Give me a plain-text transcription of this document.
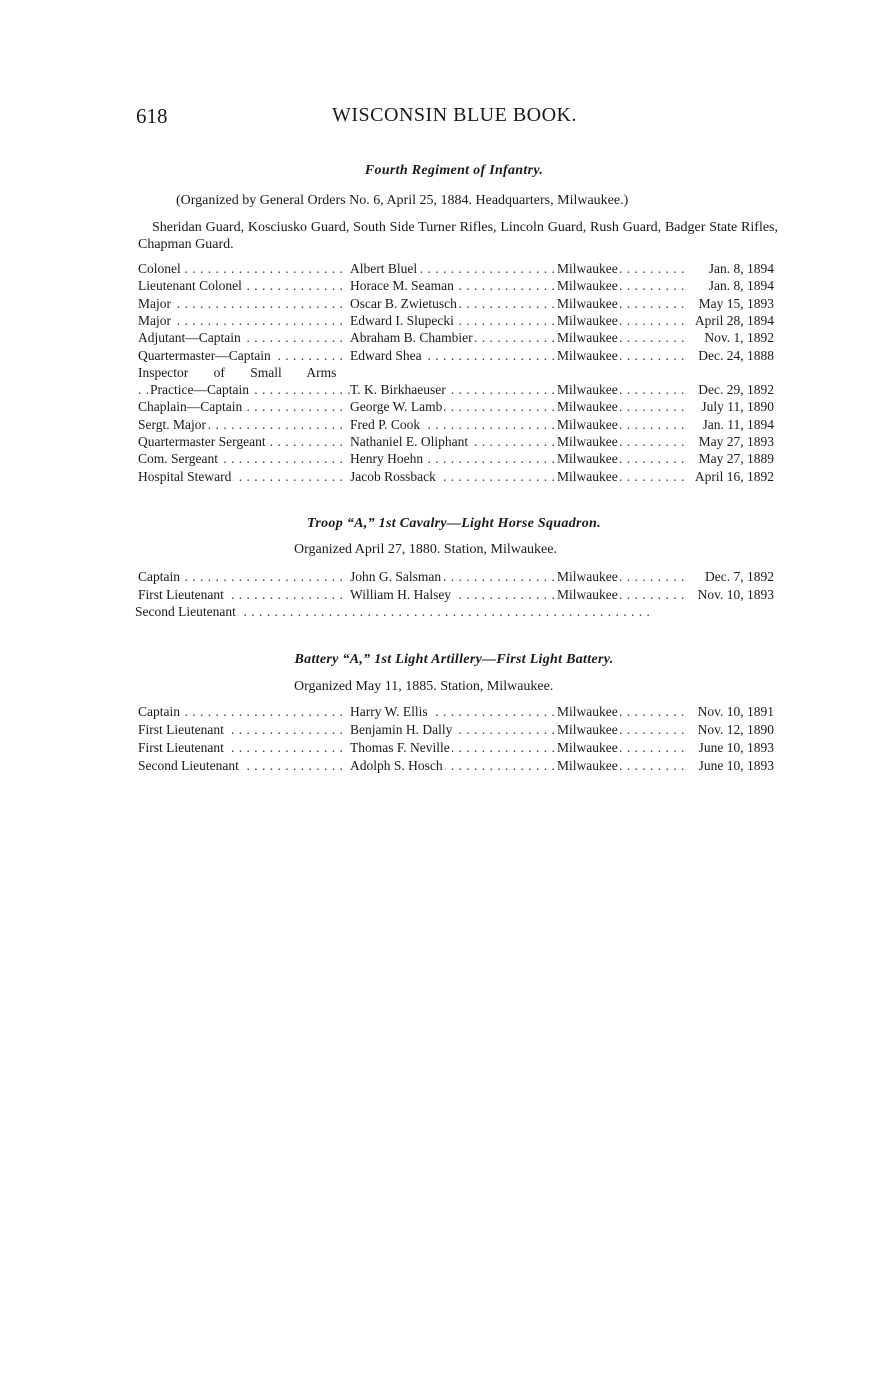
618	WISCONSIN BLUE BOOK.
Fourth Regiment of Infantry.
(Organized by General Orders No. 6, April 25, 1884. Headquarters, Milwaukee.)
Sheridan Guard, Kosciusko Guard, South Side Turner Rifles, Lincoln Guard, Rush Guard, Badger State Rifles, Chapman Guard.
Colonel . . .	Albert Bluel . . .	Milwaukee . . .	Jan. 8, 1894
Lieutenant Colonel . . .	Horace M. Seaman . . .	Milwaukee . . .	Jan. 8, 1894
Major . . .	Oscar B. Zwietusch . . .	Milwaukee . . .	May 15, 1893
Major . . .	Edward I. Slupecki . . .	Milwaukee . . .	April 28, 1894
Adjutant—Captain . . .	Abraham B. Chambier . . .	Milwaukee . . .	Nov. 1, 1892
Quartermaster—Captain . . .	Edward Shea . . .	Milwaukee . . .	Dec. 24, 1888
Inspector of Small Arms
Practice—Captain . . .	T. K. Birkhaeuser . . .	Milwaukee . . .	Dec. 29, 1892
Chaplain—Captain . . .	George W. Lamb . . .	Milwaukee . . .	July 11, 1890
Sergt. Major . . .	Fred P. Cook . . .	Milwaukee . . .	Jan. 11, 1894
Quartermaster Sergeant . . .	Nathaniel E. Oliphant . . .	Milwaukee . . .	May 27, 1893
Com. Sergeant . . .	Henry Hoehn . . .	Milwaukee . . .	May 27, 1889
Hospital Steward . . .	Jacob Rossback . . .	Milwaukee . . .	April 16, 1892
Troop “A,” 1st Cavalry—Light Horse Squadron.
Organized April 27, 1880. Station, Milwaukee.
Captain . . .	John G. Salsman . . .	Milwaukee . . .	Dec. 7, 1892
First Lieutenant . . .	William H. Halsey . . .	Milwaukee . . .	Nov. 10, 1893
Second Lieutenant . . .
Battery “A,” 1st Light Artillery—First Light Battery.
Organized May 11, 1885. Station, Milwaukee.
Captain . . .	Harry W. Ellis . . .	Milwaukee . . .	Nov. 10, 1891
First Lieutenant . . .	Benjamin H. Dally . . .	Milwaukee . . .	Nov. 12, 1890
First Lieutenant . . .	Thomas F. Neville . . .	Milwaukee . . .	June 10, 1893
Second Lieutenant . . .	Adolph S. Hosch . . .	Milwaukee . . .	June 10, 1893
